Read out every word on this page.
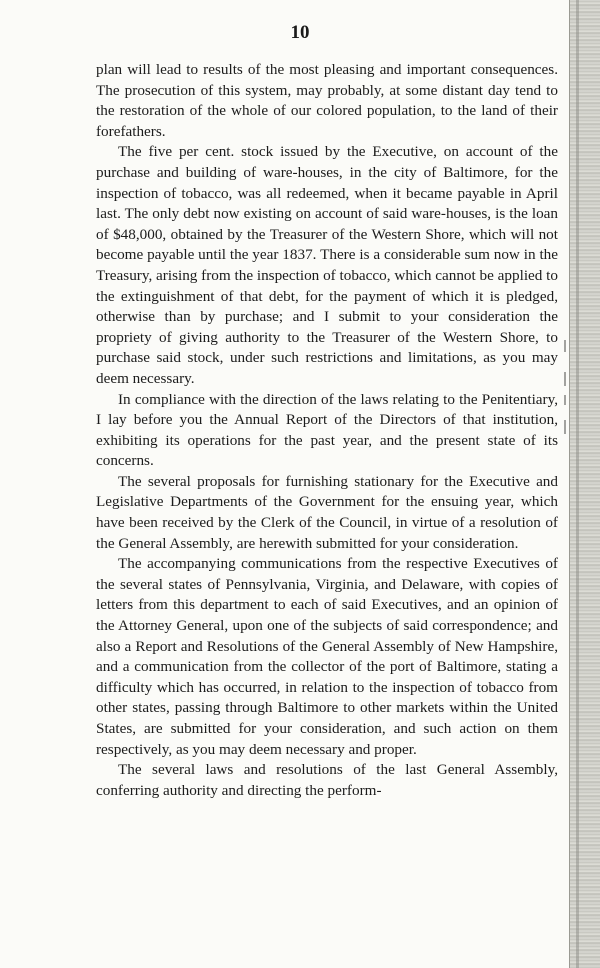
10

plan will lead to results of the most pleasing and important consequences. The prosecution of this system, may probably, at some distant day tend to the restoration of the whole of our colored population, to the land of their forefathers.

The five per cent. stock issued by the Executive, on account of the purchase and building of ware-houses, in the city of Baltimore, for the inspection of tobacco, was all redeemed, when it became payable in April last. The only debt now existing on account of said ware-houses, is the loan of $48,000, obtained by the Treasurer of the Western Shore, which will not become payable until the year 1837. There is a considerable sum now in the Treasury, arising from the inspection of tobacco, which cannot be applied to the extinguishment of that debt, for the payment of which it is pledged, otherwise than by purchase; and I submit to your consideration the propriety of giving authority to the Treasurer of the Western Shore, to purchase said stock, under such restrictions and limitations, as you may deem necessary.

In compliance with the direction of the laws relating to the Penitentiary, I lay before you the Annual Report of the Directors of that institution, exhibiting its operations for the past year, and the present state of its concerns.

The several proposals for furnishing stationary for the Executive and Legislative Departments of the Government for the ensuing year, which have been received by the Clerk of the Council, in virtue of a resolution of the General Assembly, are herewith submitted for your consideration.

The accompanying communications from the respective Executives of the several states of Pennsylvania, Virginia, and Delaware, with copies of letters from this department to each of said Executives, and an opinion of the Attorney General, upon one of the subjects of said correspondence; and also a Report and Resolutions of the General Assembly of New Hampshire, and a communication from the collector of the port of Baltimore, stating a difficulty which has occurred, in relation to the inspection of tobacco from other states, passing through Baltimore to other markets within the United States, are submitted for your consideration, and such action on them respectively, as you may deem necessary and proper.

The several laws and resolutions of the last General Assembly, conferring authority and directing the perform-
